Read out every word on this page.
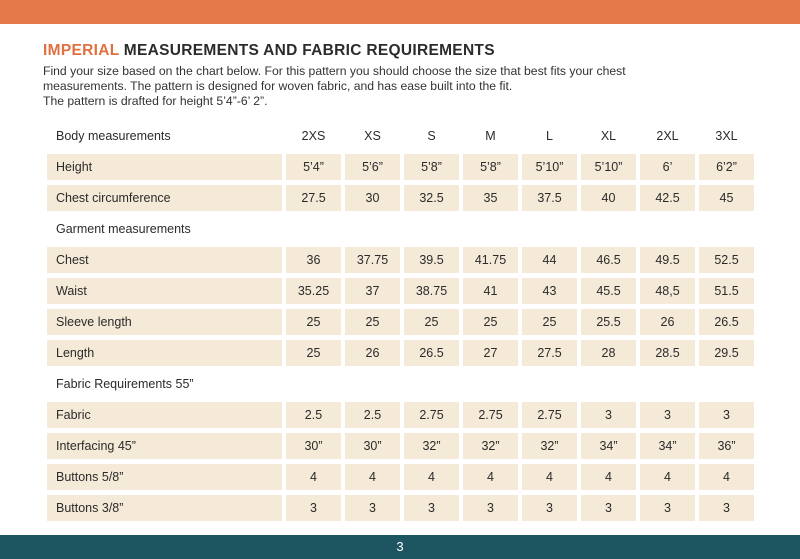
IMPERIAL MEASUREMENTS AND FABRIC REQUIREMENTS

Find your size based on the chart below. For this pattern you should choose the size that best fits your chest

measurements. The pattern is designed for woven fabric, and has ease built into the fit.

The pattern is drafted for height 5’4”-6’ 2”.

Body measurements	2XS	XS	S	M	L	XL	2XL	3XL
Height	5’4”	5’6”	5’8”	5’8”	5’10”	5’10”	6’	6’2”
Chest circumference	27.5	30	32.5	35	37.5	40	42.5	45
Garment measurements
Chest	36	37.75	39.5	41.75	44	46.5	49.5	52.5
Waist	35.25	37	38.75	41	43	45.5	48,5	51.5
Sleeve length	25	25	25	25	25	25.5	26	26.5
Length	25	26	26.5	27	27.5	28	28.5	29.5
Fabric Requirements 55”
Fabric	2.5	2.5	2.75	2.75	2.75	3	3	3
Interfacing 45”	30”	30”	32”	32”	32”	34”	34”	36”
Buttons 5/8”	4	4	4	4	4	4	4	4
Buttons 3/8”	3	3	3	3	3	3	3	3
3
